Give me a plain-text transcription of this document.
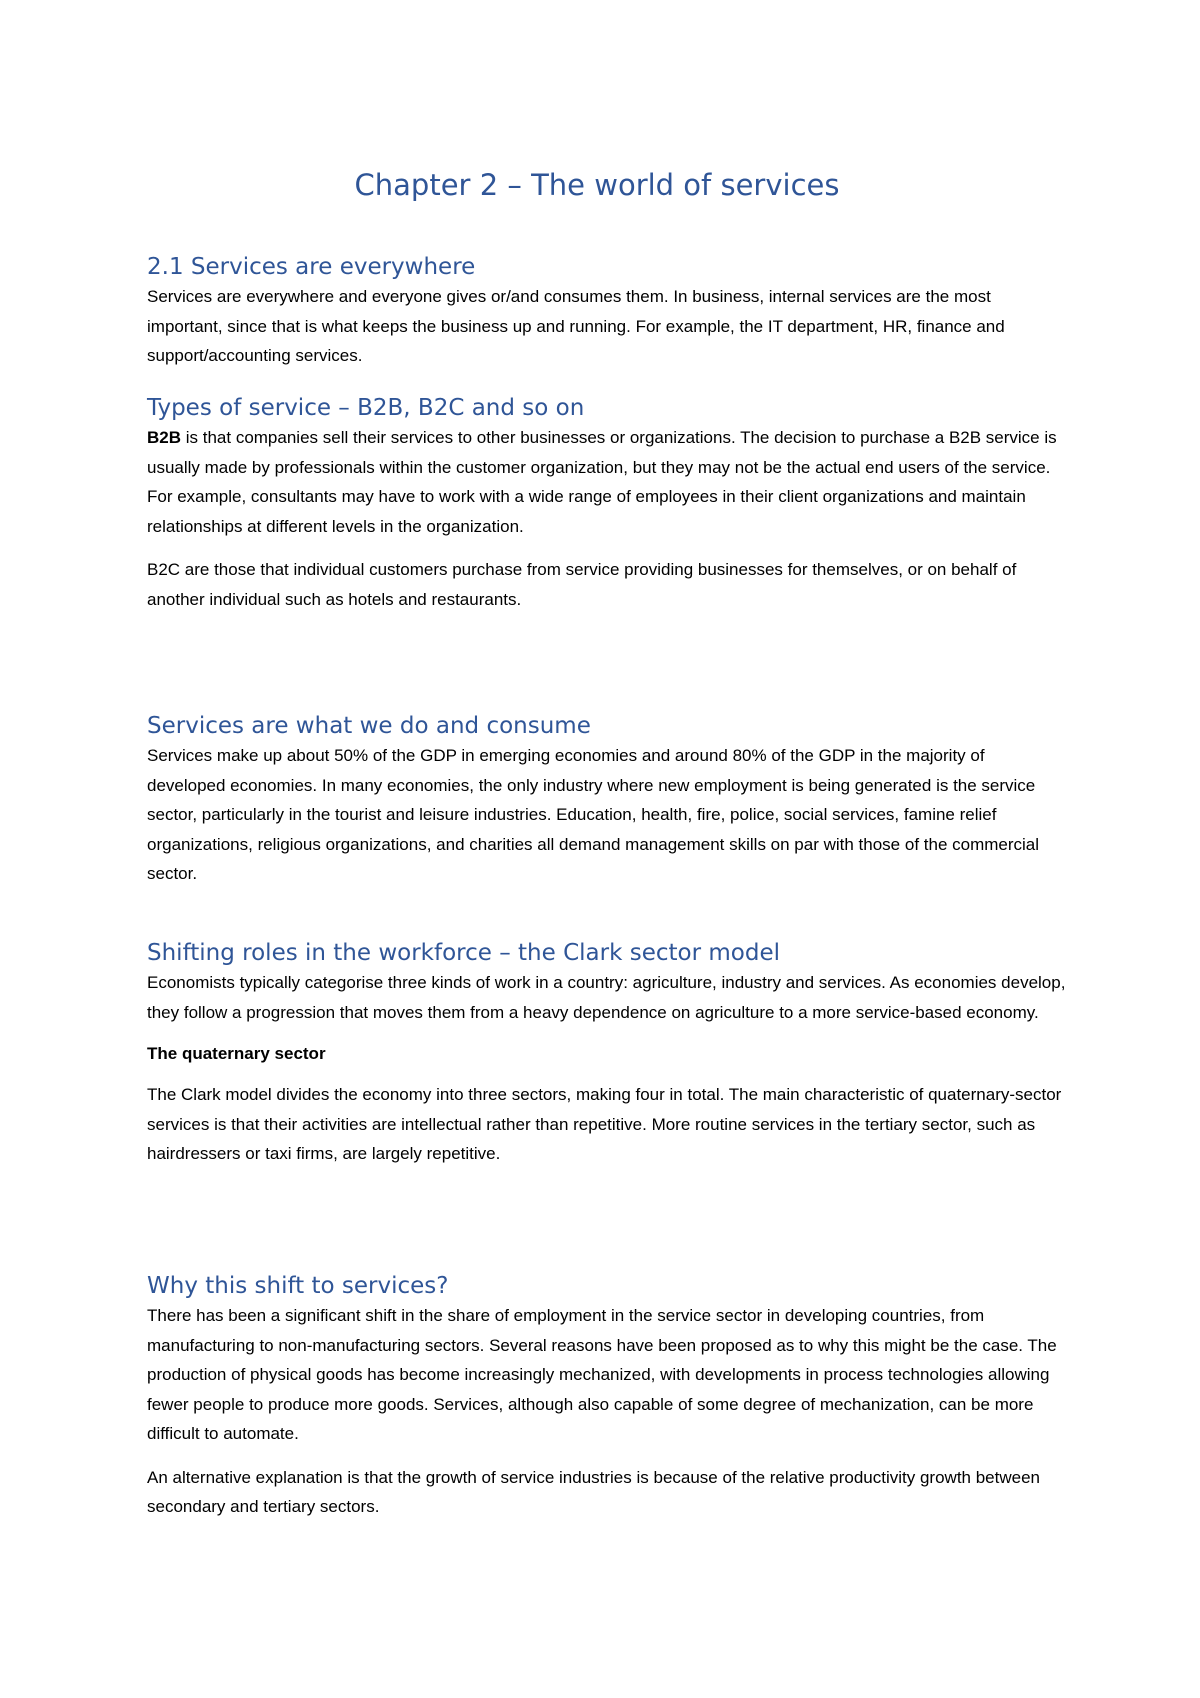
Chapter 2 – The world of services
2.1 Services are everywhere

Services are everywhere and everyone gives or/and consumes them. In business, internal services are the most important, since that is what keeps the business up and running. For example, the IT department, HR, finance and support/accounting services.

Types of service – B2B, B2C and so on

B2B is that companies sell their services to other businesses or organizations. The decision to purchase a B2B service is usually made by professionals within the customer organization, but they may not be the actual end users of the service. For example, consultants may have to work with a wide range of employees in their client organizations and maintain relationships at different levels in the organization.

B2C are those that individual customers purchase from service providing businesses for themselves, or on behalf of another individual such as hotels and restaurants.

Services are what we do and consume

Services make up about 50% of the GDP in emerging economies and around 80% of the GDP in the majority of developed economies. In many economies, the only industry where new employment is being generated is the service sector, particularly in the tourist and leisure industries. Education, health, fire, police, social services, famine relief organizations, religious organizations, and charities all demand management skills on par with those of the commercial sector.

Shifting roles in the workforce – the Clark sector model

Economists typically categorise three kinds of work in a country: agriculture, industry and services. As economies develop, they follow a progression that moves them from a heavy dependence on agriculture to a more service-based economy.

The quaternary sector

The Clark model divides the economy into three sectors, making four in total. The main characteristic of quaternary-sector services is that their activities are intellectual rather than repetitive. More routine services in the tertiary sector, such as hairdressers or taxi firms, are largely repetitive.

Why this shift to services?

There has been a significant shift in the share of employment in the service sector in developing countries, from manufacturing to non-manufacturing sectors. Several reasons have been proposed as to why this might be the case. The production of physical goods has become increasingly mechanized, with developments in process technologies allowing fewer people to produce more goods. Services, although also capable of some degree of mechanization, can be more difficult to automate.

An alternative explanation is that the growth of service industries is because of the relative productivity growth between secondary and tertiary sectors.
